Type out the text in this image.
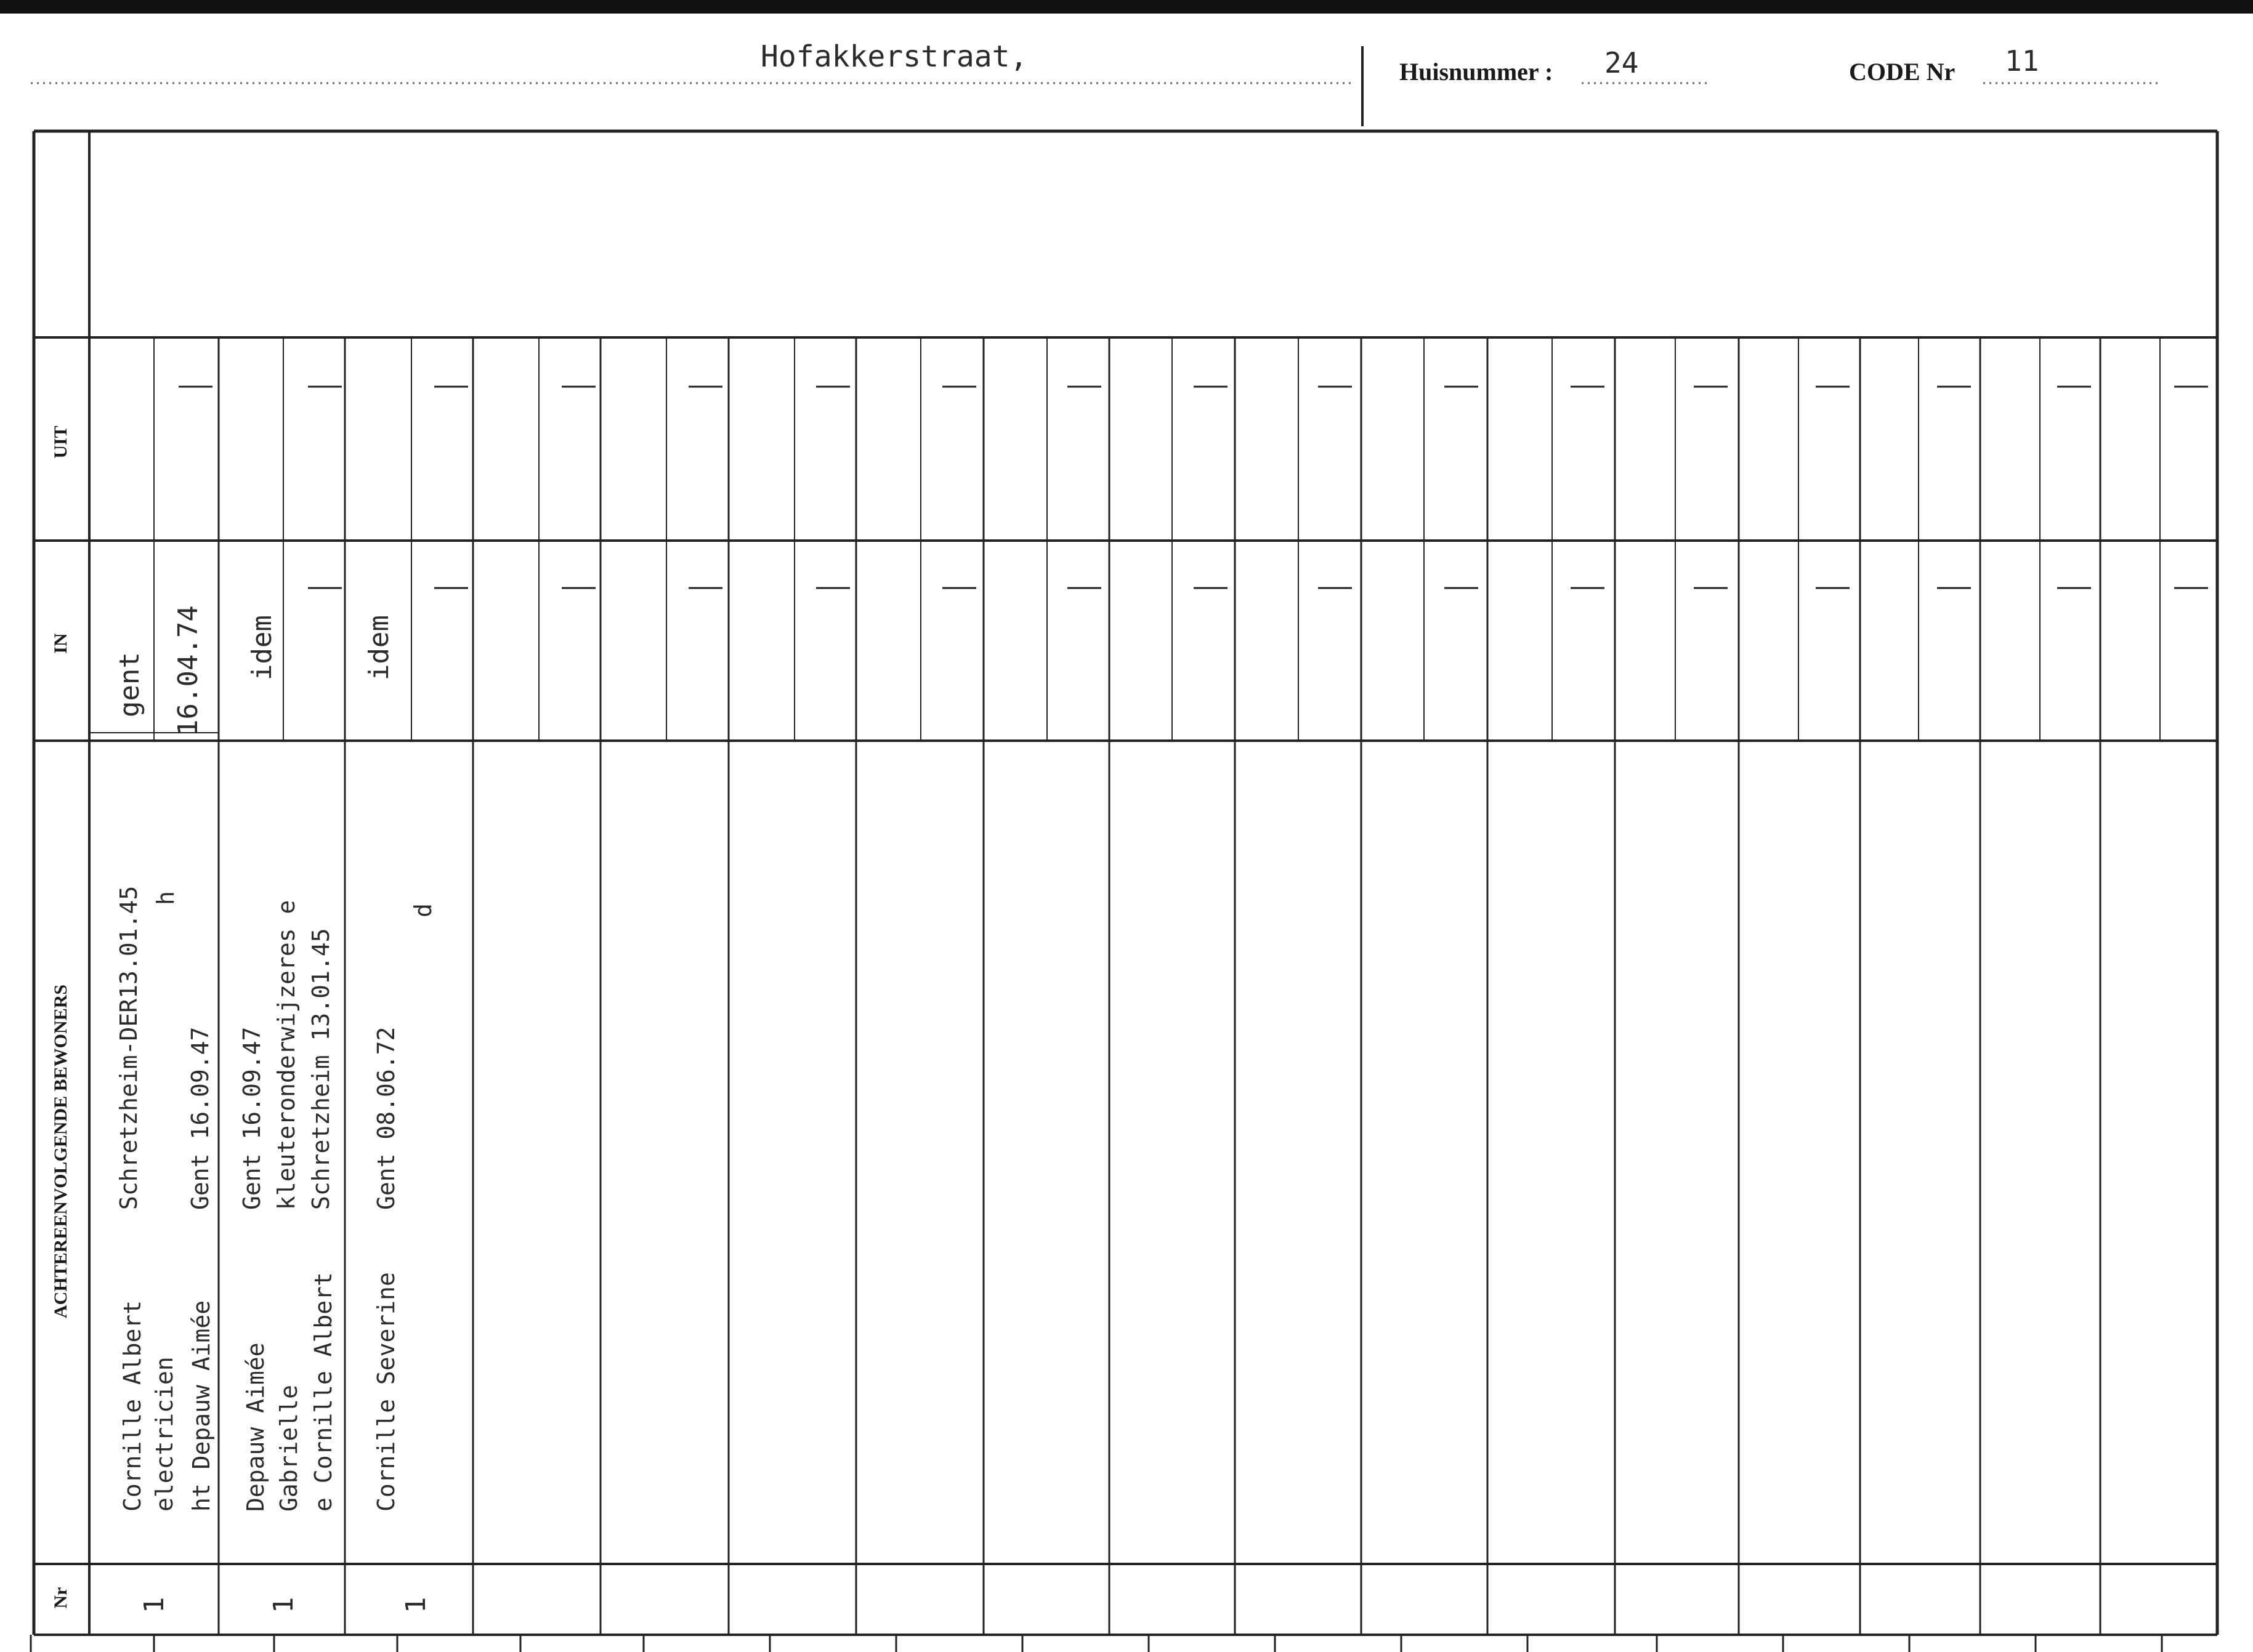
Hofakkerstraat,	Huisnummer : 24	CODE Nr 11
UIT
IN
ACHTEREENVOLGENDE BEWONERS
Nr
gent 16.04.74
Cornille Albert electricien ht Depauw Aimée
Schretzheim-DER13.01.45 h
Gent 16.09.47
1
idem
Depauw Aimée Gabrielle e Cornille Albert
Gent 16.09.47 kleuteronderwijzeres e Schretzheim 13.01.45
1
idem
Cornille Severine
Gent 08.06.72
d
1
